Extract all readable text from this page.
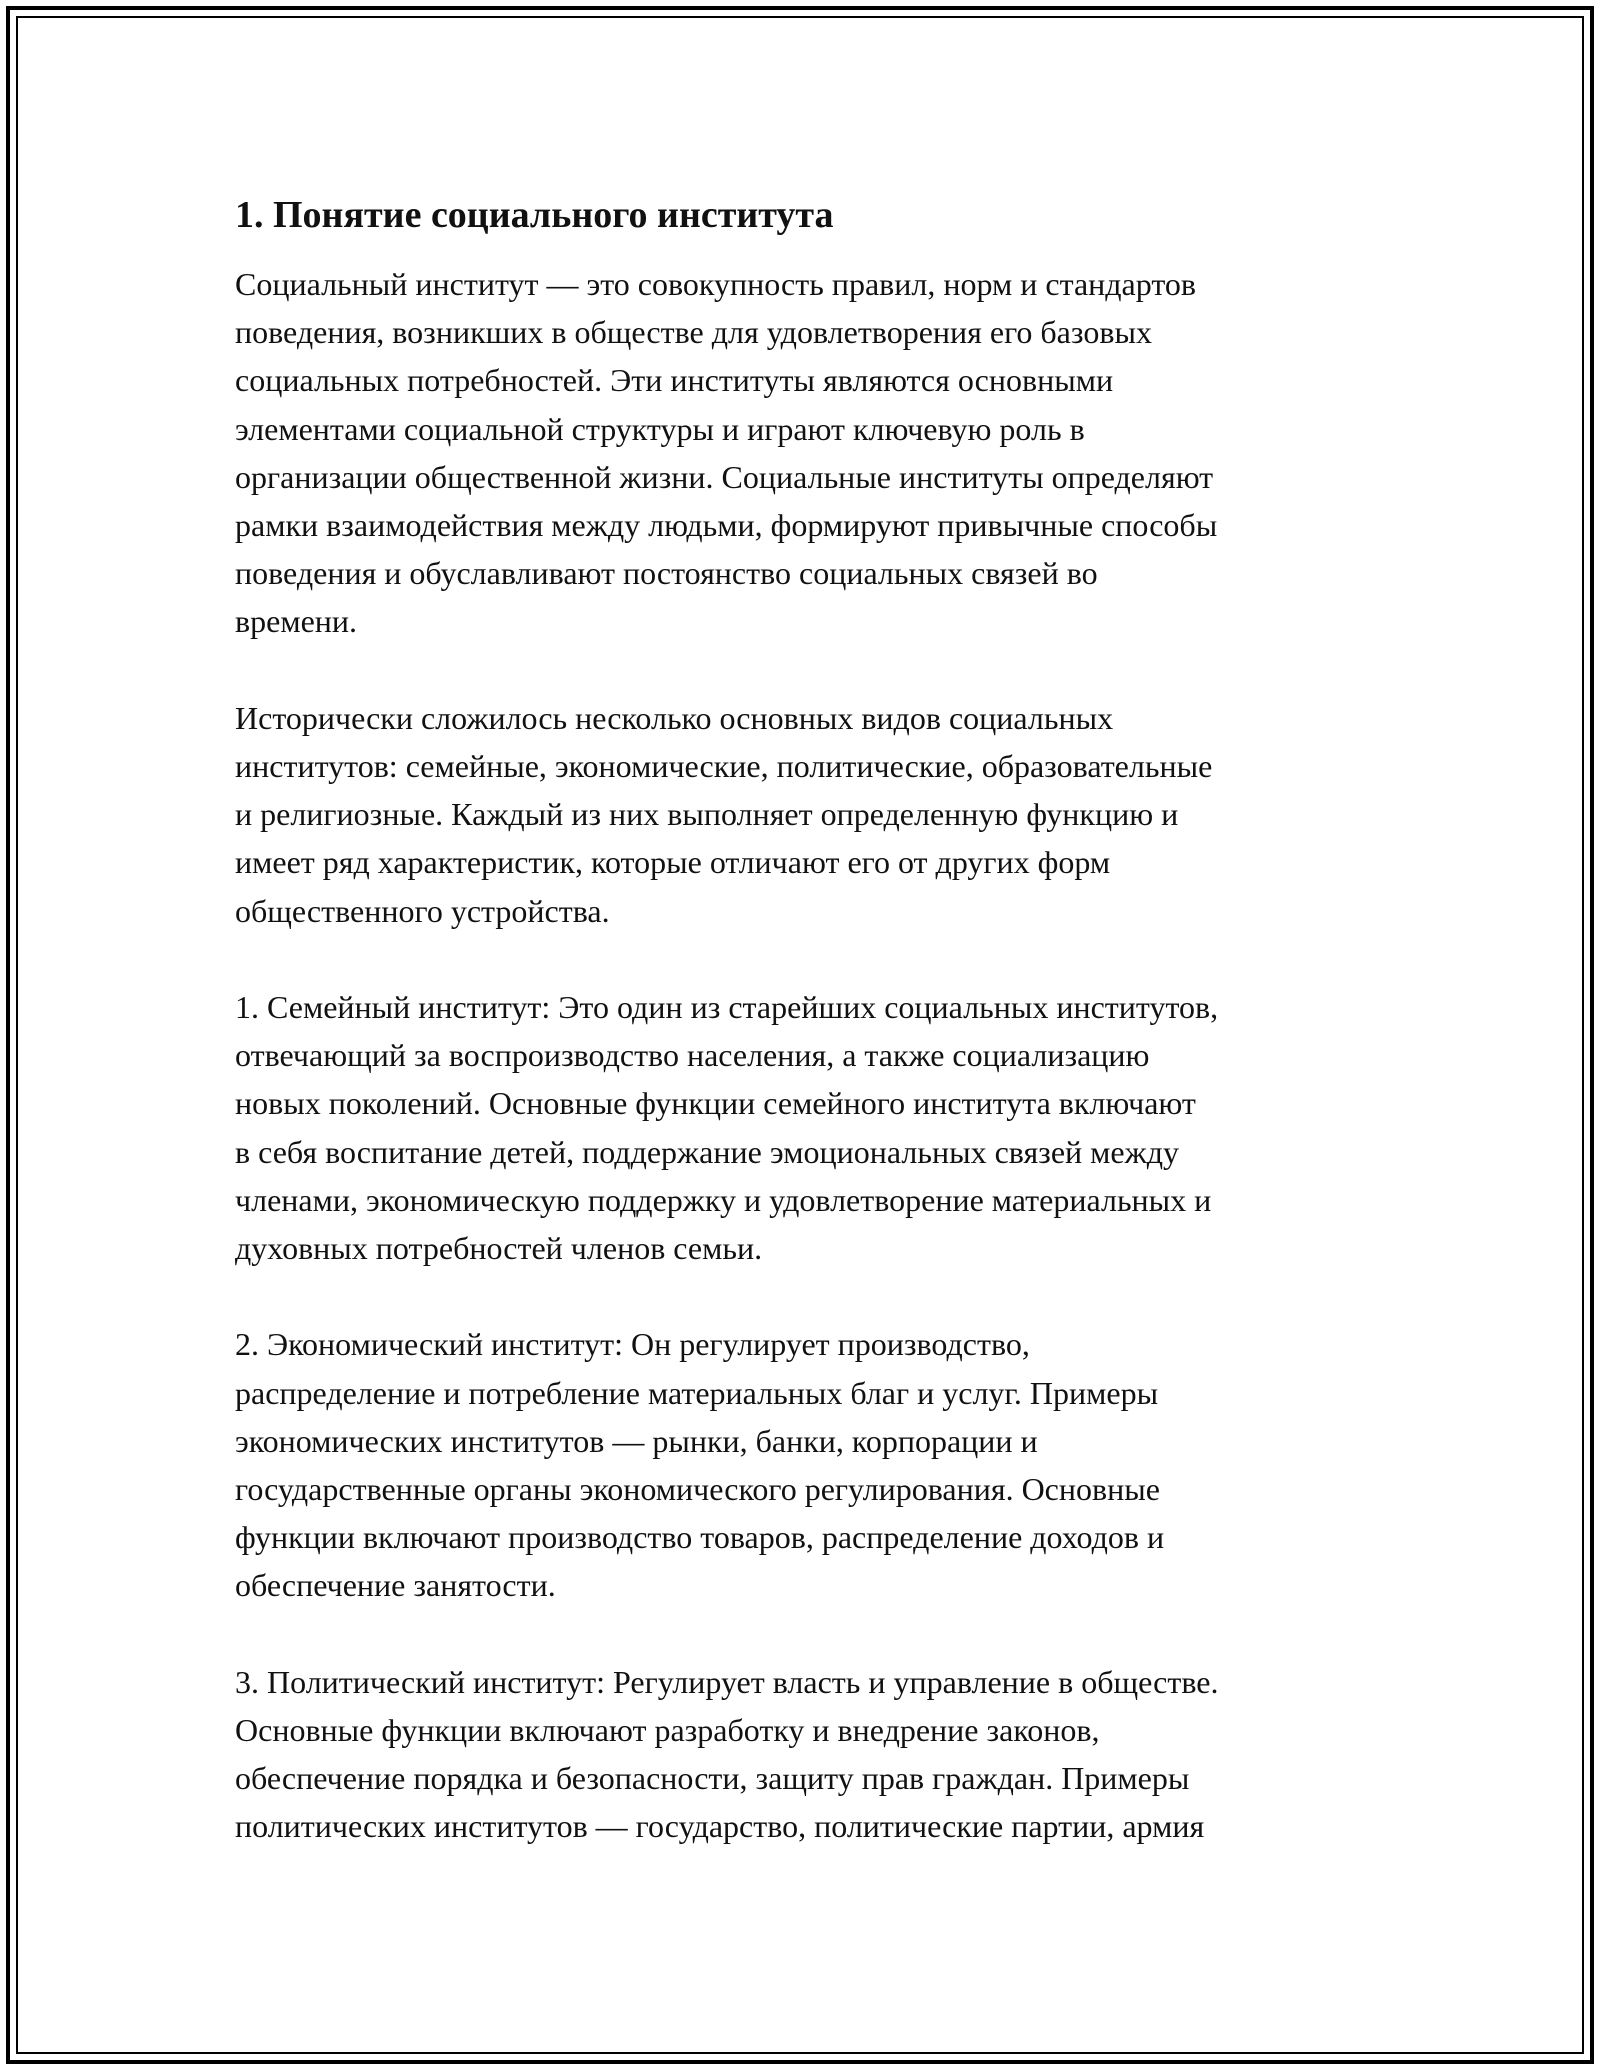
1. Понятие социального института

Социальный институт — это совокупность правил, норм и стандартов
поведения, возникших в обществе для удовлетворения его базовых
социальных потребностей. Эти институты являются основными
элементами социальной структуры и играют ключевую роль в
организации общественной жизни. Социальные институты определяют
рамки взаимодействия между людьми, формируют привычные способы
поведения и обуславливают постоянство социальных связей во
времени.

Исторически сложилось несколько основных видов социальных
институтов: семейные, экономические, политические, образовательные
и религиозные. Каждый из них выполняет определенную функцию и
имеет ряд характеристик, которые отличают его от других форм
общественного устройства.

1. Семейный институт: Это один из старейших социальных институтов,
отвечающий за воспроизводство населения, а также социализацию
новых поколений. Основные функции семейного института включают
в себя воспитание детей, поддержание эмоциональных связей между
членами, экономическую поддержку и удовлетворение материальных и
духовных потребностей членов семьи.

2. Экономический институт: Он регулирует производство,
распределение и потребление материальных благ и услуг. Примеры
экономических институтов — рынки, банки, корпорации и
государственные органы экономического регулирования. Основные
функции включают производство товаров, распределение доходов и
обеспечение занятости.

3. Политический институт: Регулирует власть и управление в обществе.
Основные функции включают разработку и внедрение законов,
обеспечение порядка и безопасности, защиту прав граждан. Примеры
политических институтов — государство, политические партии, армия
